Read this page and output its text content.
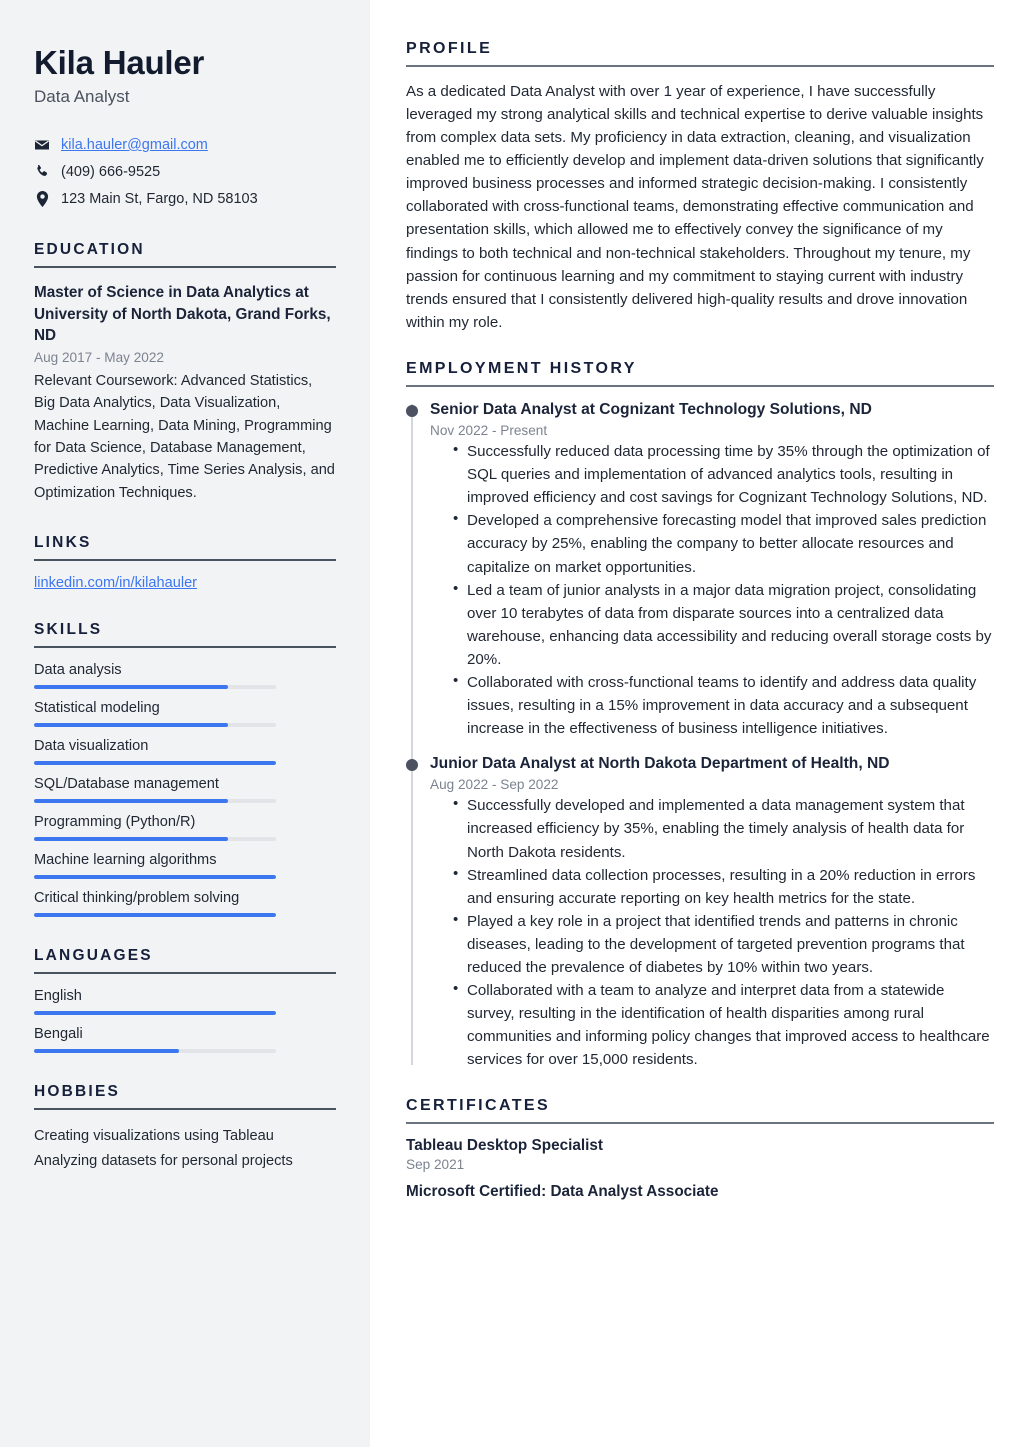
Kila Hauler
Data Analyst
kila.hauler@gmail.com
(409) 666-9525
123 Main St, Fargo, ND 58103
EDUCATION
Master of Science in Data Analytics at University of North Dakota, Grand Forks, ND
Aug 2017 - May 2022
Relevant Coursework: Advanced Statistics, Big Data Analytics, Data Visualization, Machine Learning, Data Mining, Programming for Data Science, Database Management, Predictive Analytics, Time Series Analysis, and Optimization Techniques.
LINKS
linkedin.com/in/kilahauler
SKILLS
Data analysis
Statistical modeling
Data visualization
SQL/Database management
Programming (Python/R)
Machine learning algorithms
Critical thinking/problem solving
LANGUAGES
English
Bengali
HOBBIES
Creating visualizations using Tableau
Analyzing datasets for personal projects
PROFILE

As a dedicated Data Analyst with over 1 year of experience, I have successfully leveraged my strong analytical skills and technical expertise to derive valuable insights from complex data sets. My proficiency in data extraction, cleaning, and visualization enabled me to efficiently develop and implement data-driven solutions that significantly improved business processes and informed strategic decision-making. I consistently collaborated with cross-functional teams, demonstrating effective communication and presentation skills, which allowed me to effectively convey the significance of my findings to both technical and non-technical stakeholders. Throughout my tenure, my passion for continuous learning and my commitment to staying current with industry trends ensured that I consistently delivered high-quality results and drove innovation within my role.

EMPLOYMENT HISTORY
Senior Data Analyst at Cognizant Technology Solutions, ND
Nov 2022 - Present
• Successfully reduced data processing time by 35% through the optimization of SQL queries and implementation of advanced analytics tools, resulting in improved efficiency and cost savings for Cognizant Technology Solutions, ND.
• Developed a comprehensive forecasting model that improved sales prediction accuracy by 25%, enabling the company to better allocate resources and capitalize on market opportunities.
• Led a team of junior analysts in a major data migration project, consolidating over 10 terabytes of data from disparate sources into a centralized data warehouse, enhancing data accessibility and reducing overall storage costs by 20%.
• Collaborated with cross-functional teams to identify and address data quality issues, resulting in a 15% improvement in data accuracy and a subsequent increase in the effectiveness of business intelligence initiatives.
Junior Data Analyst at North Dakota Department of Health, ND
Aug 2022 - Sep 2022
• Successfully developed and implemented a data management system that increased efficiency by 35%, enabling the timely analysis of health data for North Dakota residents.
• Streamlined data collection processes, resulting in a 20% reduction in errors and ensuring accurate reporting on key health metrics for the state.
• Played a key role in a project that identified trends and patterns in chronic diseases, leading to the development of targeted prevention programs that reduced the prevalence of diabetes by 10% within two years.
• Collaborated with a team to analyze and interpret data from a statewide survey, resulting in the identification of health disparities among rural communities and informing policy changes that improved access to healthcare services for over 15,000 residents.
CERTIFICATES
Tableau Desktop Specialist
Sep 2021
Microsoft Certified: Data Analyst Associate
